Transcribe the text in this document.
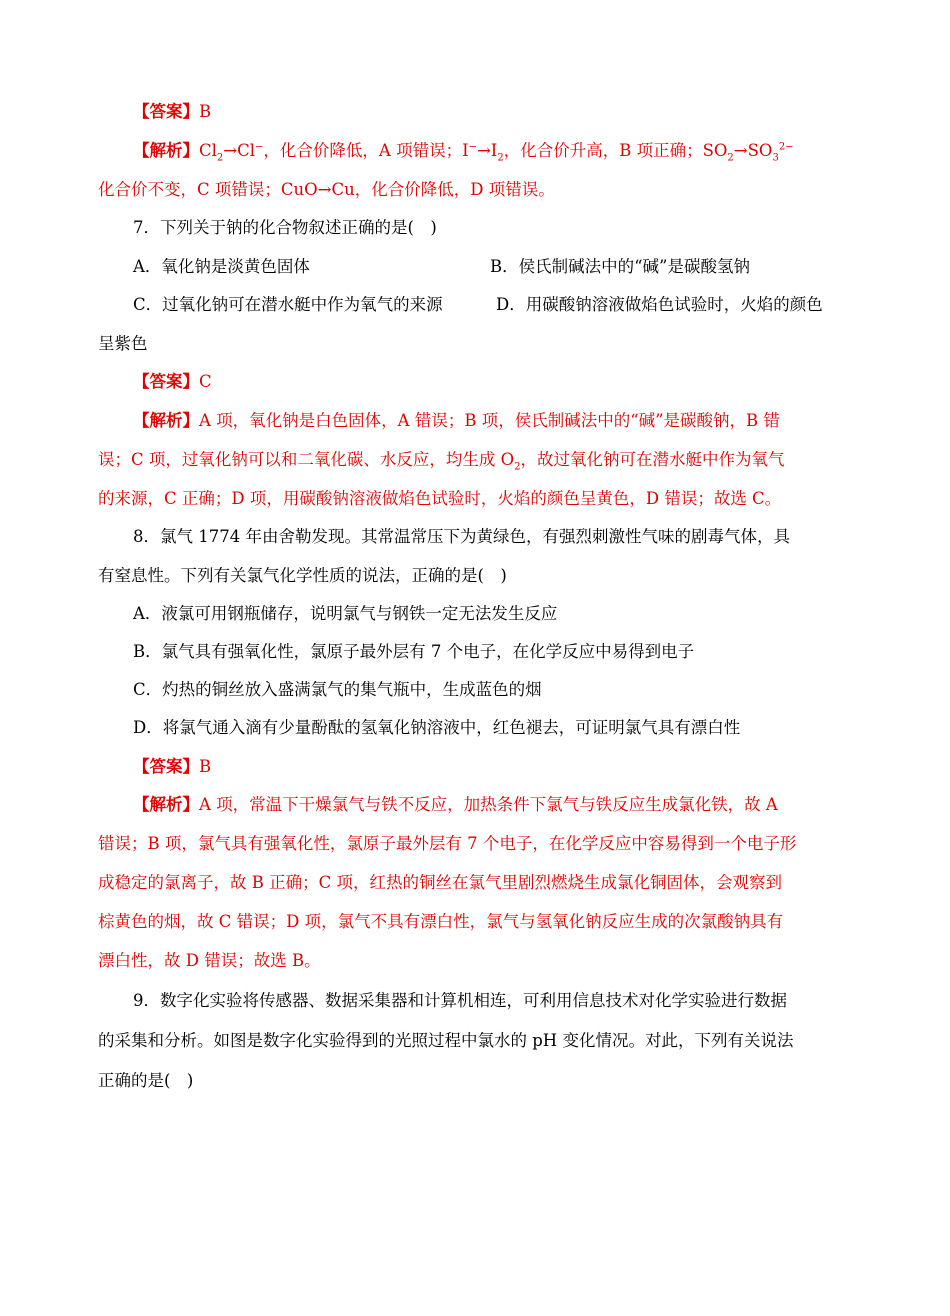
【答案】B
【解析】$Cl_2\to Cl^-$，化合价降低，A 项错误；$I^-\to I_2$，化合价升高，B 项正确；$SO_2\to SO_3^{2-}$
化合价不变，C 项错误；CuO→Cu，化合价降低，D 项错误。
7．下列关于钠的化合物叙述正确的是(　)
A．氧化钠是淡黄色固体	B．侯氏制碱法中的“碱”是碳酸氢钠
C．过氧化钠可在潜水艇中作为氧气的来源	D．用碳酸钠溶液做焰色试验时，火焰的颜色
呈紫色
【答案】C
【解析】A 项，氧化钠是白色固体，A 错误；B 项，侯氏制碱法中的“碱”是碳酸钠，B 错
误；C 项，过氧化钠可以和二氧化碳、水反应，均生成 $O_2$，故过氧化钠可在潜水艇中作为氧气
的来源，C 正确；D 项，用碳酸钠溶液做焰色试验时，火焰的颜色呈黄色，D 错误；故选 C。
8．氯气 1774 年由舍勒发现。其常温常压下为黄绿色，有强烈刺激性气味的剧毒气体，具
有窒息性。下列有关氯气化学性质的说法，正确的是(　)
A．液氯可用钢瓶储存，说明氯气与钢铁一定无法发生反应
B．氯气具有强氧化性，氯原子最外层有 7 个电子，在化学反应中易得到电子
C．灼热的铜丝放入盛满氯气的集气瓶中，生成蓝色的烟
D．将氯气通入滴有少量酚酞的氢氧化钠溶液中，红色褪去，可证明氯气具有漂白性
【答案】B
【解析】A 项，常温下干燥氯气与铁不反应，加热条件下氯气与铁反应生成氯化铁，故 A
错误；B 项，氯气具有强氧化性，氯原子最外层有 7 个电子，在化学反应中容易得到一个电子形
成稳定的氯离子，故 B 正确；C 项，红热的铜丝在氯气里剧烈燃烧生成氯化铜固体，会观察到
棕黄色的烟，故 C 错误；D 项，氯气不具有漂白性，氯气与氢氧化钠反应生成的次氯酸钠具有
漂白性，故 D 错误；故选 B。
9．数字化实验将传感器、数据采集器和计算机相连，可利用信息技术对化学实验进行数据
的采集和分析。如图是数字化实验得到的光照过程中氯水的 pH 变化情况。对此，下列有关说法
正确的是(　)
